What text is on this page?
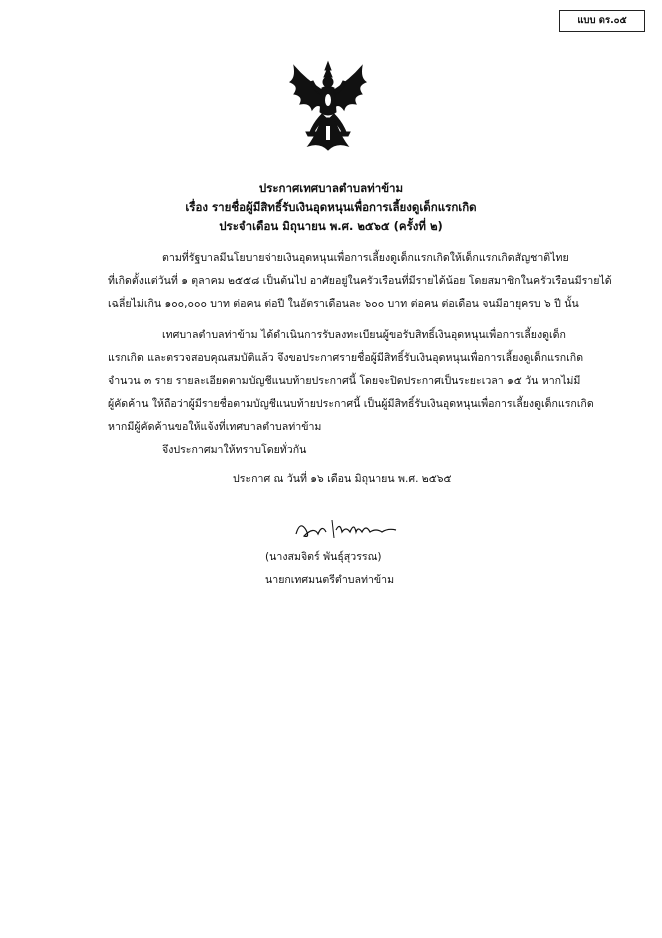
แบบ ดร.๐๕
ประกาศเทศบาลตำบลท่าข้าม
เรื่อง รายชื่อผู้มีสิทธิ์รับเงินอุดหนุนเพื่อการเลี้ยงดูเด็กแรกเกิด
ประจำเดือน มิถุนายน พ.ศ. ๒๕๖๕ (ครั้งที่ ๒)
ตามที่รัฐบาลมีนโยบายจ่ายเงินอุดหนุนเพื่อการเลี้ยงดูเด็กแรกเกิดให้เด็กแรกเกิดสัญชาติไทย
ที่เกิดตั้งแต่วันที่ ๑ ตุลาคม ๒๕๕๘ เป็นต้นไป อาศัยอยู่ในครัวเรือนที่มีรายได้น้อย โดยสมาชิกในครัวเรือนมีรายได้
เฉลี่ยไม่เกิน ๑๐๐,๐๐๐ บาท ต่อคน ต่อปี ในอัตราเดือนละ ๖๐๐ บาท ต่อคน ต่อเดือน จนมีอายุครบ ๖ ปี นั้น
เทศบาลตำบลท่าข้าม ได้ดำเนินการรับลงทะเบียนผู้ขอรับสิทธิ์เงินอุดหนุนเพื่อการเลี้ยงดูเด็ก
แรกเกิด และตรวจสอบคุณสมบัติแล้ว จึงขอประกาศรายชื่อผู้มีสิทธิ์รับเงินอุดหนุนเพื่อการเลี้ยงดูเด็กแรกเกิด
จำนวน ๓ ราย รายละเอียดตามบัญชีแนบท้ายประกาศนี้ โดยจะปิดประกาศเป็นระยะเวลา ๑๕ วัน หากไม่มี
ผู้คัดค้าน ให้ถือว่าผู้มีรายชื่อตามบัญชีแนบท้ายประกาศนี้ เป็นผู้มีสิทธิ์รับเงินอุดหนุนเพื่อการเลี้ยงดูเด็กแรกเกิด
หากมีผู้คัดค้านขอให้แจ้งที่เทศบาลตำบลท่าข้าม
จึงประกาศมาให้ทราบโดยทั่วกัน
ประกาศ ณ วันที่ ๑๖ เดือน มิถุนายน พ.ศ. ๒๕๖๕
(นางสมจิตร์ พันธุ์สุวรรณ)
นายกเทศมนตรีตำบลท่าข้าม
